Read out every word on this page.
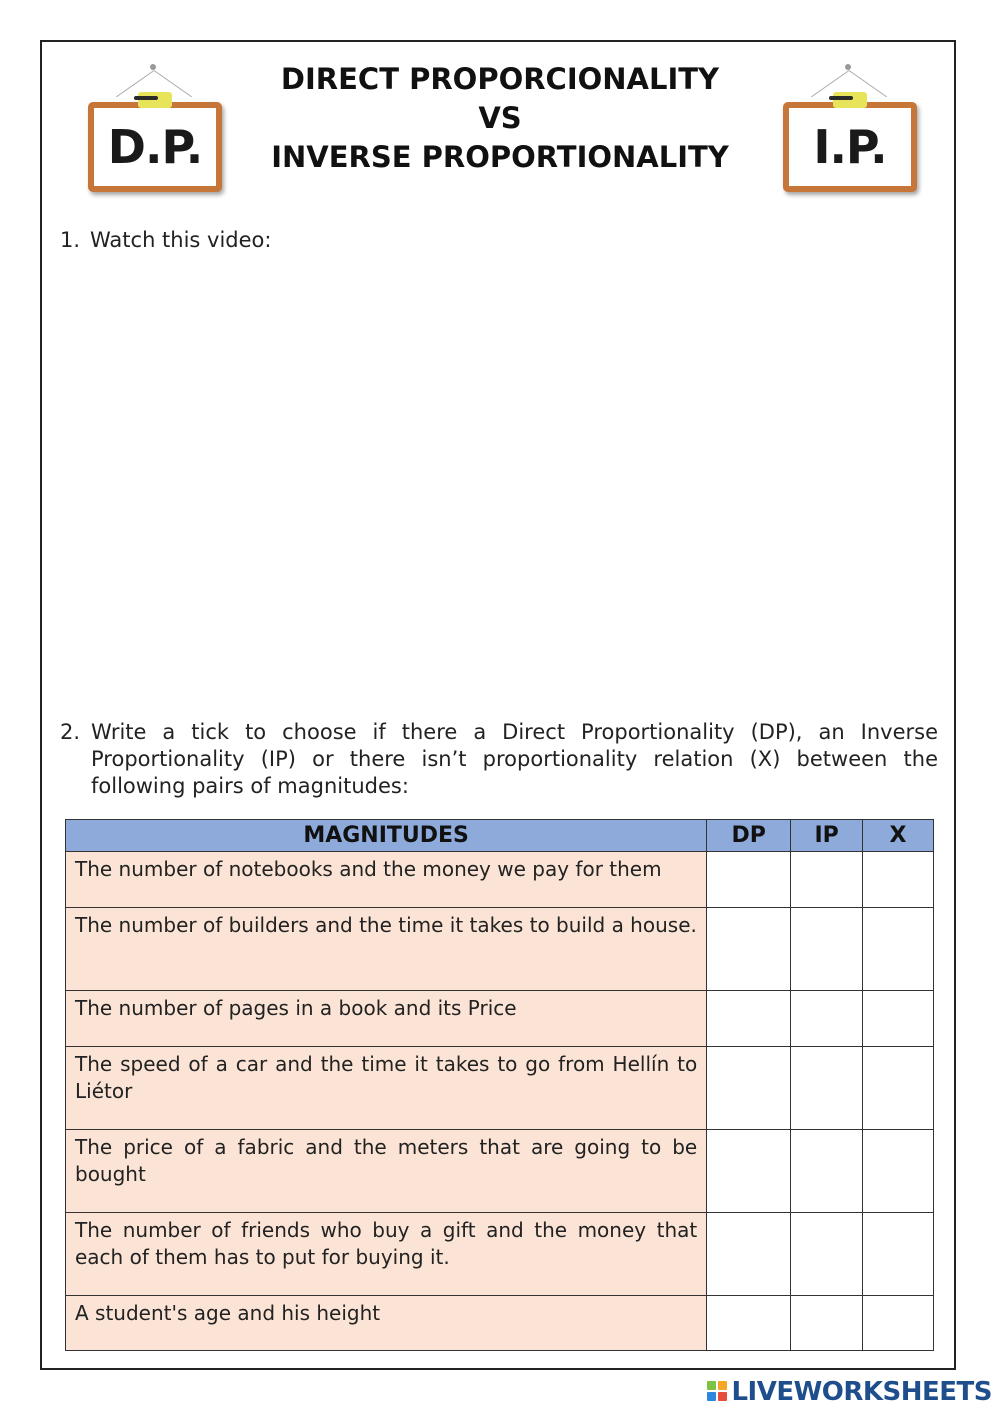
D.P.
DIRECT PROPORCIONALITY
VS
INVERSE PROPORTIONALITY	I.P.
1. Watch this video:
2. Write a tick to choose if there a Direct Proportionality (DP), an Inverse Proportionality (IP) or there isn’t proportionality relation (X) between the following pairs of magnitudes:
MAGNITUDES	DP	IP	X
The number of notebooks and the money we pay for them			
The number of builders and the time it takes to build a house.			
The number of pages in a book and its Price			
The speed of a car and the time it takes to go from Hellín to Liétor			
The price of a fabric and the meters that are going to be bought			
The number of friends who buy a gift and the money that each of them has to put for buying it.			
A student's age and his height			
LIVEWORKSHEETS
